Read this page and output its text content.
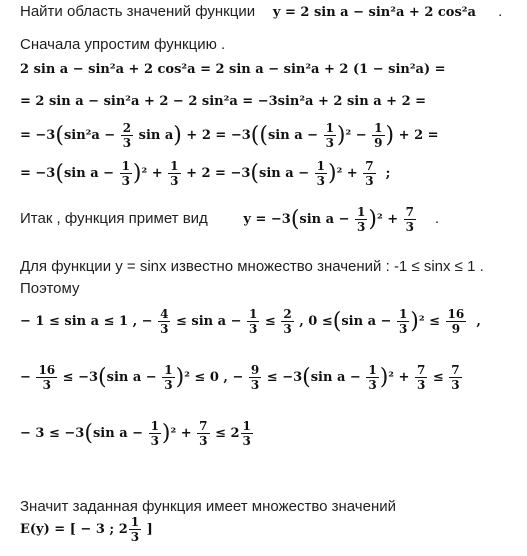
Найти область значений функции y = 2 sin a − sin²a + 2 cos²a .
Сначала упростим функцию .
2 sin a − sin²a + 2 cos²a = 2 sin a − sin²a + 2 (1 − sin²a) =
= 2 sin a − sin²a + 2 − 2 sin²a = −3sin²a + 2 sin a + 2 =
= $-3(\sin^2a - \frac{2}{3}$ sin a) + 2 = −3((sin $a - \frac{1}{3} )^2 - \frac{1}{9}$ ) + 2 =
= −3(sin $a - \frac{1}{3} )^2 + \frac{1}{3} + 2 = -3(\sin$ $a - \frac{1}{3} )^2 + \frac{7}{3}$ ;
Итак , функция примет вид	y = −3(sin $a - \frac{1}{3} )^2 + \frac{7}{3}$ .
Для функции y = sinx известно множество значений : -1 ≤ sinx ≤ 1 .
Поэтому
− 1 ≤ sin a ≤ 1 , − $\frac{4}{3} \le \sin a - \frac{1}{3} \le \frac{2}{3}$ , 0 ≤(sin $a - \frac{1}{3} )^2 \le \frac{16}{9}$ ,
− $\frac{16}{3} \le -3(\sin$ $a - \frac{1}{3} )^2 \le 0$ , − $\frac{9}{3} \le -3(\sin$ $a - \frac{1}{3} )^2 + \frac{7}{3} \le \frac{7}{3}$
− 3 ≤ −3(sin $a - \frac{1}{3} )^2 + \frac{7}{3}$
≤ $2 \frac{1}{3}$
Значит заданная функция имеет множество значений
E(y) = [ − 3 ; $2 \frac{1}{3}$
]
